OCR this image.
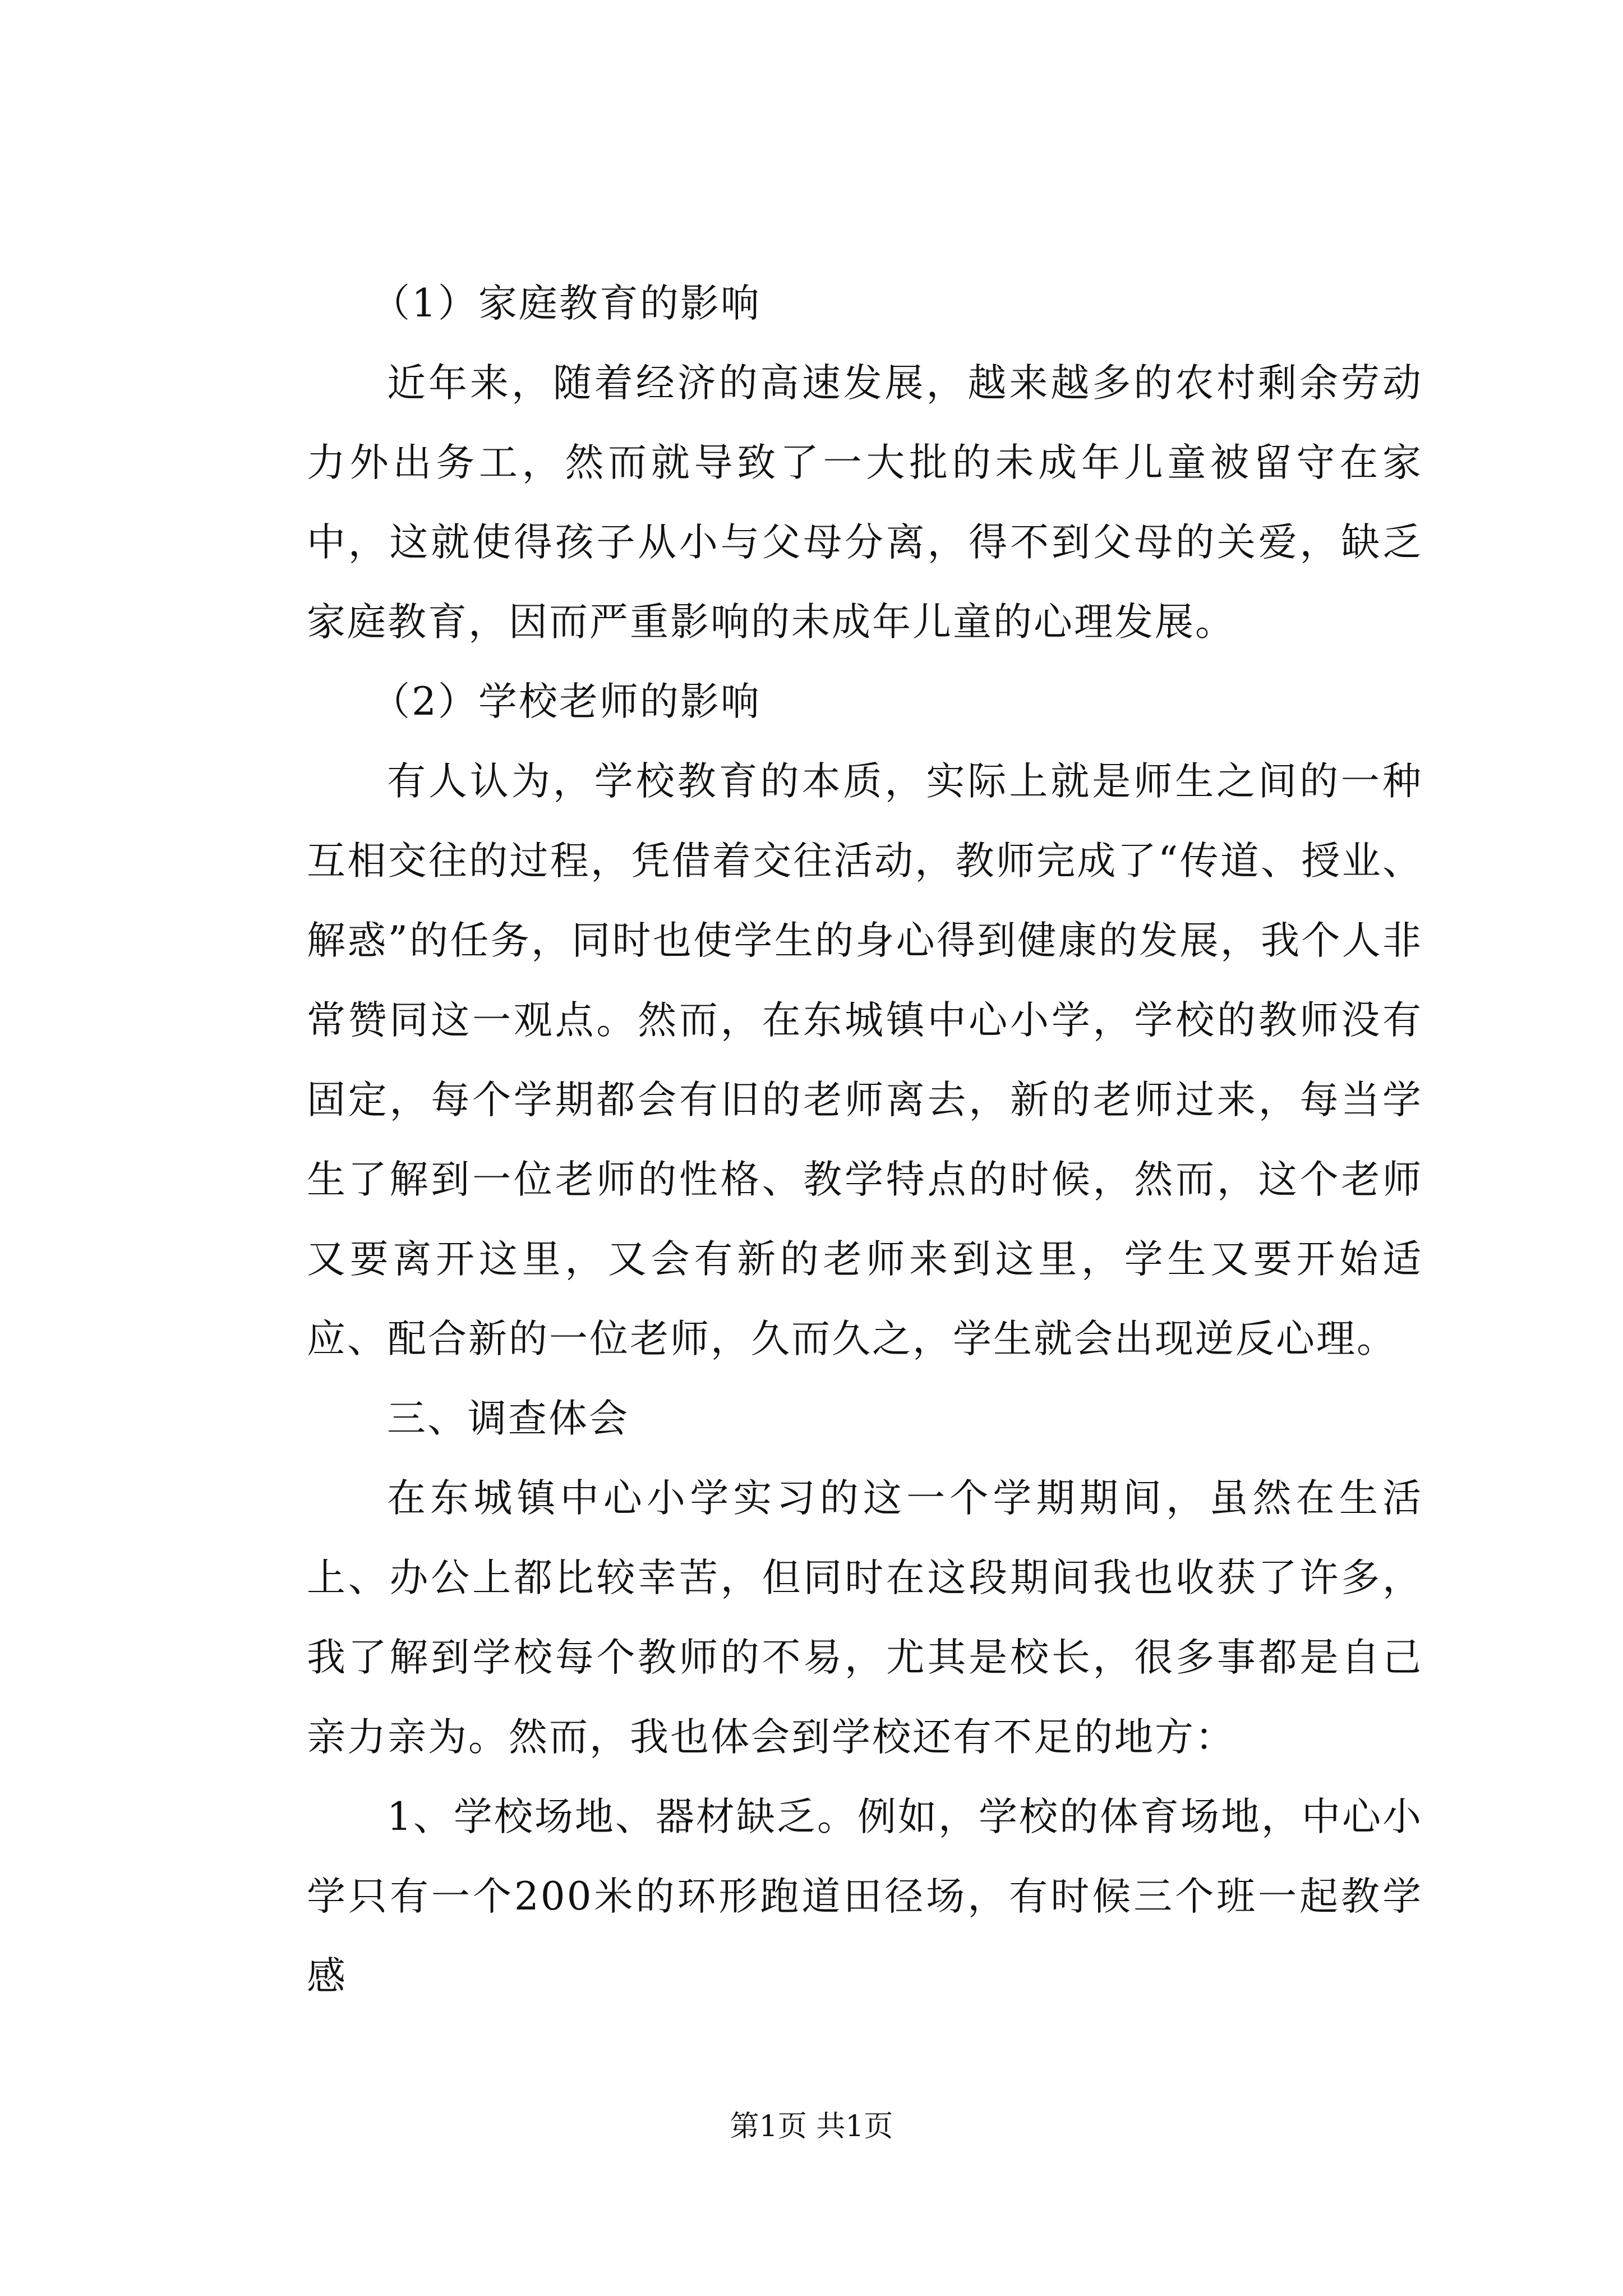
（1）家庭教育的影响

近年来，随着经济的高速发展，越来越多的农村剩余劳动力外出务工，然而就导致了一大批的未成年儿童被留守在家中，这就使得孩子从小与父母分离，得不到父母的关爱，缺乏家庭教育，因而严重影响的未成年儿童的心理发展。

（2）学校老师的影响

有人认为，学校教育的本质，实际上就是师生之间的一种互相交往的过程，凭借着交往活动，教师完成了“传道、授业、解惑”的任务，同时也使学生的身心得到健康的发展，我个人非常赞同这一观点。然而，在东城镇中心小学，学校的教师没有固定，每个学期都会有旧的老师离去，新的老师过来，每当学生了解到一位老师的性格、教学特点的时候，然而，这个老师又要离开这里，又会有新的老师来到这里，学生又要开始适应、配合新的一位老师，久而久之，学生就会出现逆反心理。

三、调查体会

在东城镇中心小学实习的这一个学期期间，虽然在生活上、办公上都比较幸苦，但同时在这段期间我也收获了许多，我了解到学校每个教师的不易，尤其是校长，很多事都是自己亲力亲为。然而，我也体会到学校还有不足的地方：

1、学校场地、器材缺乏。例如，学校的体育场地，中心小学只有一个200米的环形跑道田径场，有时候三个班一起教学感

第1页 共1页
